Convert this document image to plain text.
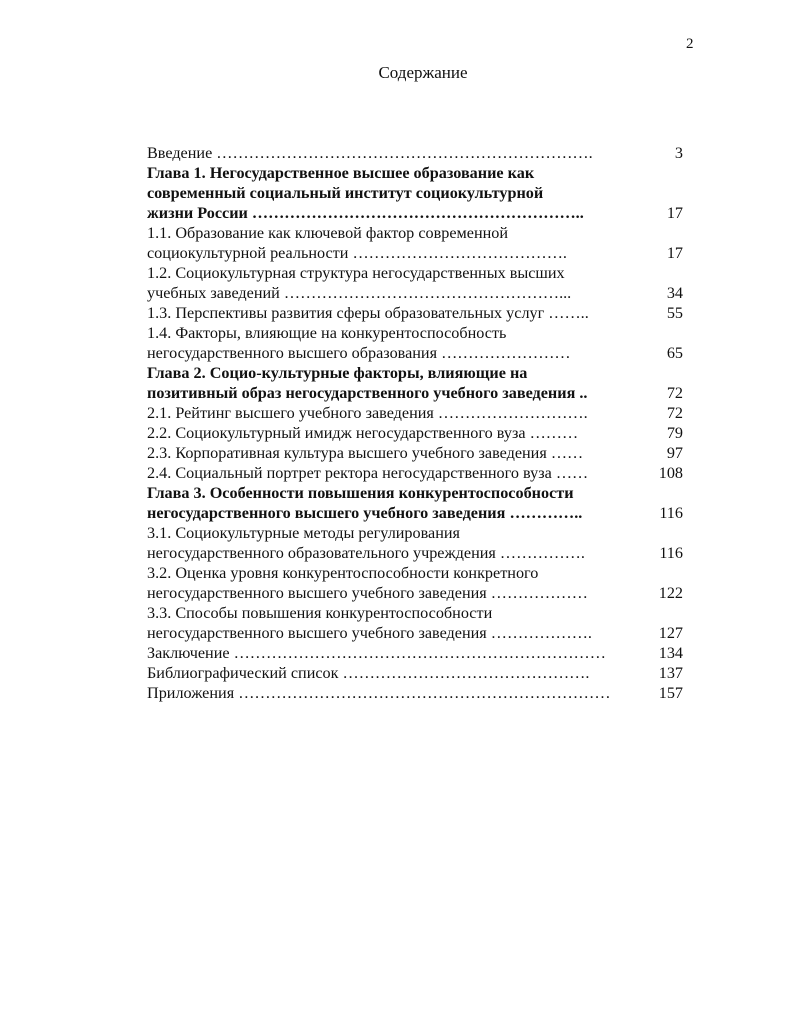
2
Содержание
Введение …………………………………………………………….	3
Глава 1. Негосударственное высшее образование как
современный социальный институт социокультурной
жизни России ……………………………………………………..	17
1.1. Образование как ключевой фактор современной
социокультурной реальности ………………………………….	17
1.2. Социокультурная структура негосударственных высших
учебных заведений ……………………………………………...	34
1.3. Перспективы развития сферы образовательных услуг ……..	55
1.4. Факторы, влияющие на конкурентоспособность
негосударственного высшего образования ……………………	65
Глава 2. Социо-культурные факторы, влияющие на
позитивный образ негосударственного учебного заведения ..	72
2.1. Рейтинг высшего учебного заведения ……………………….	72
2.2. Социокультурный имидж негосударственного вуза ………	79
2.3. Корпоративная культура высшего учебного заведения ……	97
2.4. Социальный портрет ректора негосударственного вуза ……	108
Глава 3. Особенности повышения конкурентоспособности
негосударственного высшего учебного заведения …………..	116
3.1. Социокультурные методы регулирования
негосударственного образовательного учреждения …………….	116
3.2. Оценка уровня конкурентоспособности конкретного
негосударственного высшего учебного заведения ………………	122
3.3. Способы повышения конкурентоспособности
негосударственного высшего учебного заведения ……………….	127
Заключение ……………………………………………………………	134
Библиографический список ……………………………………….	137
Приложения ……………………………………………………………	157
